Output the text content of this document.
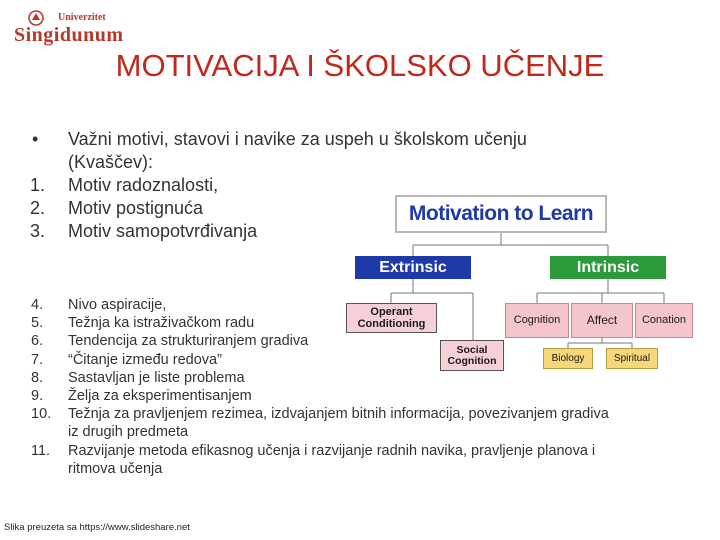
Univerzitet
Singidunum
MOTIVACIJA I ŠKOLSKO UČENJE
•	Važni motivi, stavovi i navike za uspeh u školskom učenju
(Kvaščev):
1.	Motiv radoznalosti,
2.	Motiv postignuća
3.	Motiv samopotvrđivanja
4.	Nivo aspiracije,
5.	Težnja ka istraživačkom radu
6.	Tendencija za strukturiranjem gradiva
7.	“Čitanje između redova”
8.	Sastavljan je liste problema
9.	Želja za eksperimentisanjem
10.	Težnja za pravljenjem rezimea, izdvajanjem bitnih informacija, povezivanjem gradiva
iz drugih predmeta
11.	Razvijanje metoda efikasnog učenja i razvijanje radnih navika, pravljenje planova i
ritmova učenja
Motivation to Learn
Extrinsic	Intrinsic
Operant
Conditioning
Social
Cognition
Cognition	Affect	Conation
Biology	Spiritual
Slika preuzeta sa https://www.slideshare.net
